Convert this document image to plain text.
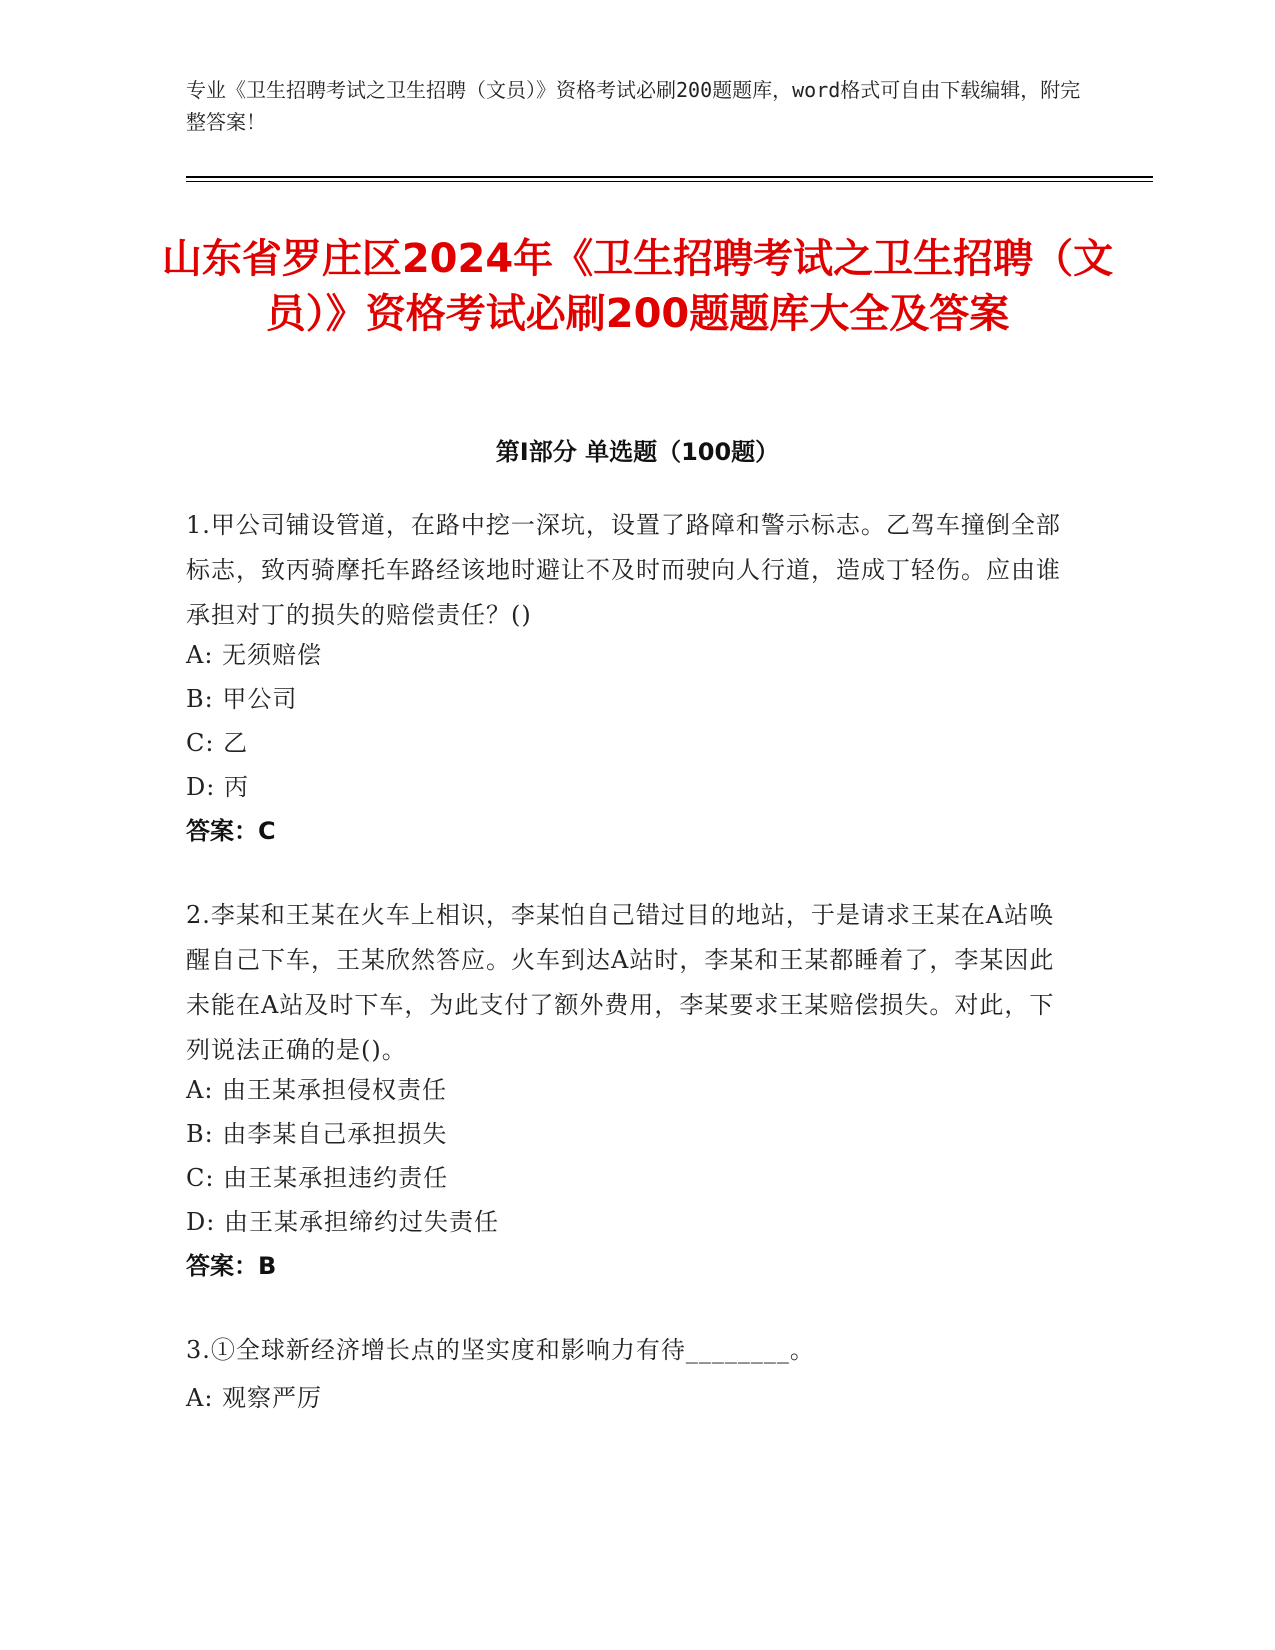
专业《卫生招聘考试之卫生招聘（文员）》资格考试必刷200题题库，word格式可自由下载编辑，附完整答案！
山东省罗庄区2024年《卫生招聘考试之卫生招聘（文员）》资格考试必刷200题题库大全及答案
第I部分 单选题（100题）
1.甲公司铺设管道，在路中挖一深坑，设置了路障和警示标志。乙驾车撞倒全部标志，致丙骑摩托车路经该地时避让不及时而驶向人行道，造成丁轻伤。应由谁承担对丁的损失的赔偿责任？()
A: 无须赔偿
B: 甲公司
C: 乙
D: 丙
答案：C
2.李某和王某在火车上相识，李某怕自己错过目的地站，于是请求王某在A站唤醒自己下车，王某欣然答应。火车到达A站时，李某和王某都睡着了，李某因此未能在A站及时下车，为此支付了额外费用，李某要求王某赔偿损失。对此，下列说法正确的是()。
A: 由王某承担侵权责任
B: 由李某自己承担损失
C: 由王某承担违约责任
D: 由王某承担缔约过失责任
答案：B
3.①全球新经济增长点的坚实度和影响力有待________。
A: 观察严厉
